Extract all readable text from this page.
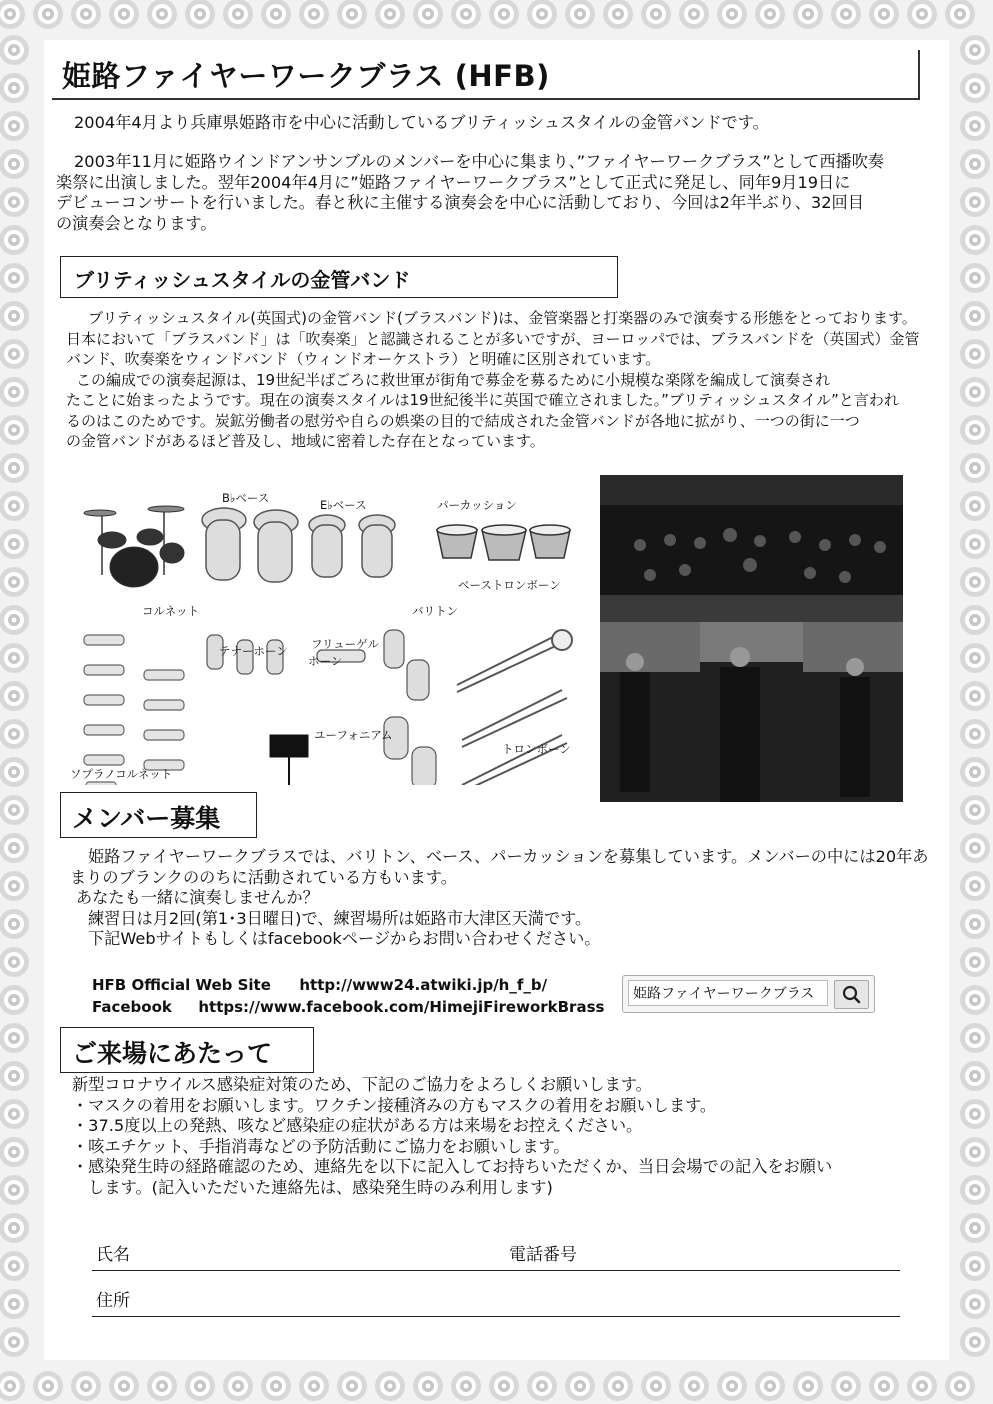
姫路ファイヤーワークブラス (HFB)
2004年4月より兵庫県姫路市を中心に活動しているブリティッシュスタイルの金管バンドです。
2003年11月に姫路ウインドアンサンブルのメンバーを中心に集まり、”ファイヤーワークブラス”として西播吹奏
楽祭に出演しました。翌年2004年4月に”姫路ファイヤーワークブラス”として正式に発足し、同年9月19日に
デビューコンサートを行いました。春と秋に主催する演奏会を中心に活動しており、今回は2年半ぶり、32回目
の演奏会となります。
ブリティッシュスタイルの金管バンド
ブリティッシュスタイル(英国式)の金管バンド(ブラスバンド)は、金管楽器と打楽器のみで演奏する形態をとっております。
日本において「ブラスバンド」は「吹奏楽」と認識されることが多いですが、ヨーロッパでは、ブラスバンドを（英国式）金管
バンド、吹奏楽をウィンドバンド（ウィンドオーケストラ）と明確に区別されています。
この編成での演奏起源は、19世紀半ばごろに救世軍が街角で募金を募るために小規模な楽隊を編成して演奏され
たことに始まったようです。現在の演奏スタイルは19世紀後半に英国で確立されました。”ブリティッシュスタイル”と言われ
るのはこのためです。炭鉱労働者の慰労や自らの娯楽の目的で結成された金管バンドが各地に拡がり、一つの街に一つ
の金管バンドがあるほど普及し、地域に密着した存在となっています。
B♭ベース	E♭ベース	パーカッション
ベーストロンボーン
コルネット	バリトン
テナーホーン フリューゲル
ホーン
ユーフォニアム
トロンボーン
ソプラノコルネット
メンバー募集
姫路ファイヤーワークブラスでは、バリトン、ベース、パーカッションを募集しています。メンバーの中には20年あ
まりのブランクののちに活動されている方もいます。
あなたも一緒に演奏しませんか？
練習日は月2回(第1･3日曜日)で、練習場所は姫路市大津区天満です。
下記Webサイトもしくはfacebookページからお問い合わせください。
HFB Official Web Site http://www24.atwiki.jp/h_f_b/
Facebook https://www.facebook.com/HimejiFireworkBrass
姫路ファイヤーワークブラス
ご来場にあたって
新型コロナウイルス感染症対策のため、下記のご協力をよろしくお願いします。
・マスクの着用をお願いします。ワクチン接種済みの方もマスクの着用をお願いします。
・37.5度以上の発熱、咳など感染症の症状がある方は来場をお控えください。
・咳エチケット、手指消毒などの予防活動にご協力をお願いします。
・感染発生時の経路確認のため、連絡先を以下に記入してお持ちいただくか、当日会場での記入をお願い
　します。(記入いただいた連絡先は、感染発生時のみ利用します)
氏名	電話番号
住所
